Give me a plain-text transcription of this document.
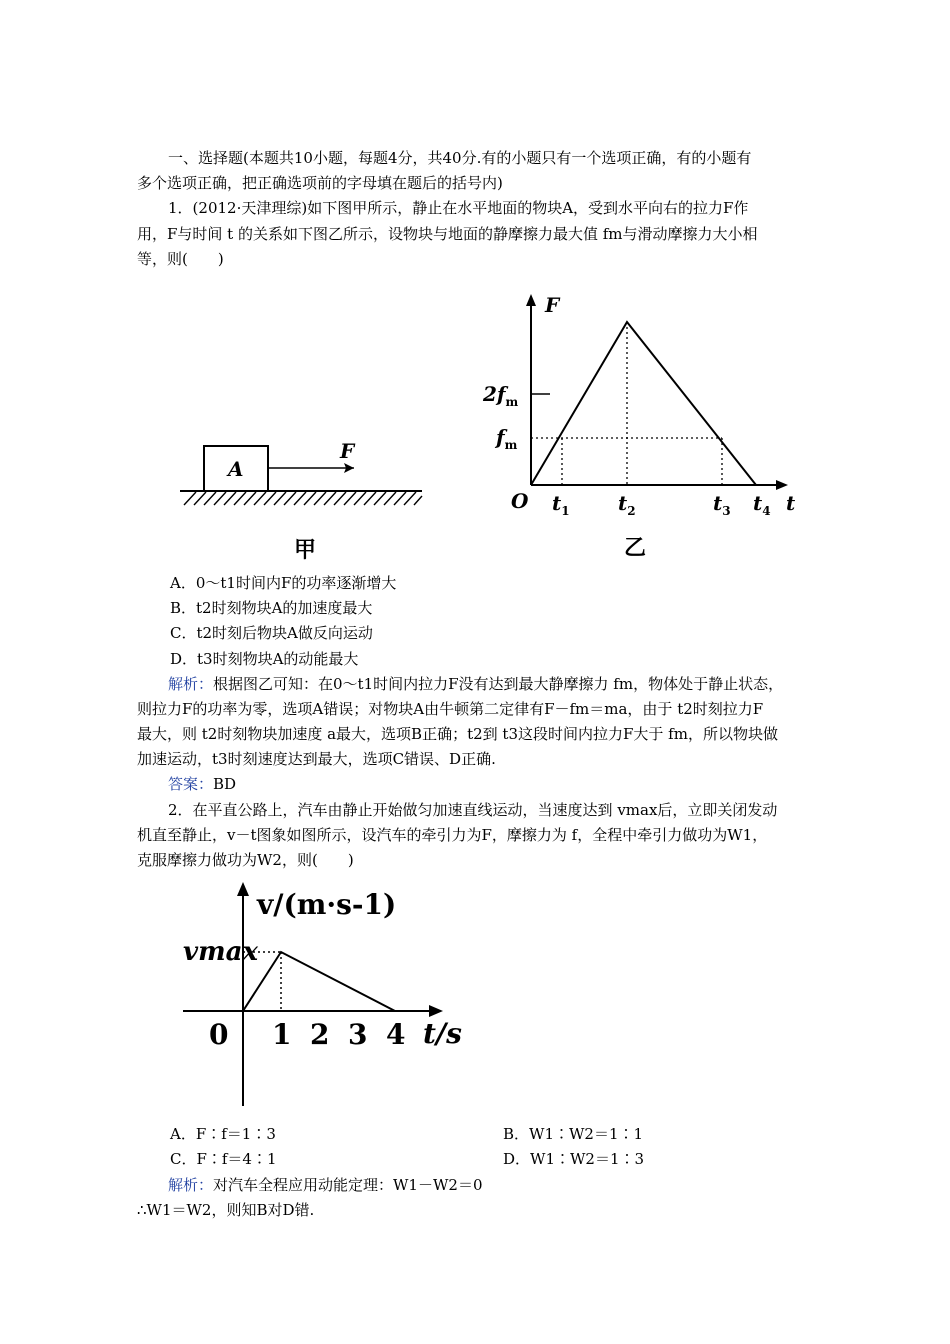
一、选择题(本题共10小题，每题4分，共40分.有的小题只有一个选项正确，有的小题有
多个选项正确，把正确选项前的字母填在题后的括号内)
1．(2012·天津理综)如下图甲所示，静止在水平地面的物块A，受到水平向右的拉力F作
用，F与时间 t 的关系如下图乙所示，设物块与地面的静摩擦力最大值 fm与滑动摩擦力大小相
等，则(　　)
A
F
甲
F
t
O
$2f_m$
$f_m$
$t_1$ $t_2$	$t_3$ $t_4$
乙
A．0～t1时间内F的功率逐渐增大
B．t2时刻物块A的加速度最大
C．t2时刻后物块A做反向运动
D．t3时刻物块A的动能最大
解析：根据图乙可知：在0～t1时间内拉力F没有达到最大静摩擦力 fm，物体处于静止状态，
则拉力F的功率为零，选项A错误；对物块A由牛顿第二定律有F－fm＝ma，由于 t2时刻拉力F
最大，则 t2时刻物块加速度 a最大，选项B正确；t2到 t3这段时间内拉力F大于 fm，所以物块做
加速运动，t3时刻速度达到最大，选项C错误、D正确.
答案：BD
2．在平直公路上，汽车由静止开始做匀加速直线运动，当速度达到 vmax后，立即关闭发动
机直至静止，v－t图象如图所示，设汽车的牵引力为F，摩擦力为 f，全程中牵引力做功为W1，
克服摩擦力做功为W2，则(　　)
v/(m·s-1)
t/s
vmax
0 1 2 3 4
A．F∶f＝1∶3	B．W1∶W2＝1∶1
C．F∶f＝4∶1	D．W1∶W2＝1∶3
解析：对汽车全程应用动能定理：W1－W2＝0
∴W1＝W2，则知B对D错.
